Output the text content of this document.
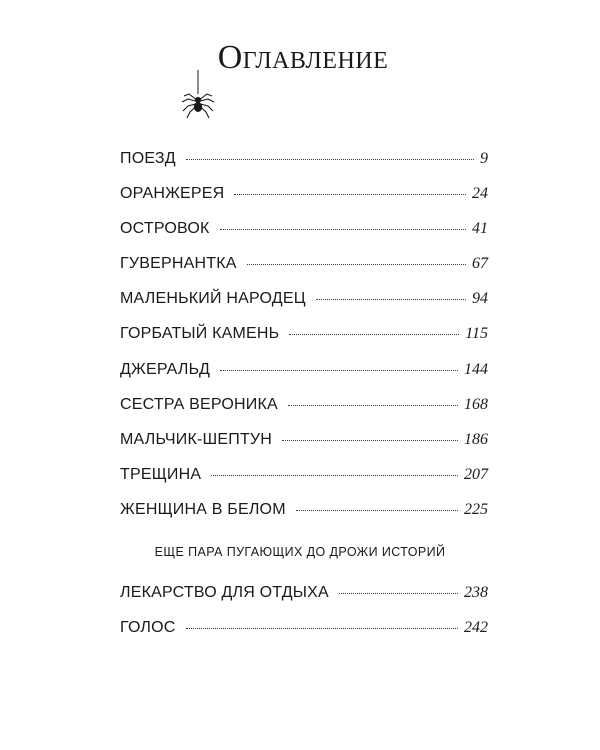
Оглавление
ПОЕЗД	9
ОРАНЖЕРЕЯ	24
ОСТРОВОК	41
ГУВЕРНАНТКА	67
МАЛЕНЬКИЙ НАРОДЕЦ	94
ГОРБАТЫЙ КАМЕНЬ	115
ДЖЕРАЛЬД	144
СЕСТРА ВЕРОНИКА	168
МАЛЬЧИК-ШЕПТУН	186
ТРЕЩИНА	207
ЖЕНЩИНА В БЕЛОМ	225
ЕЩЕ ПАРА ПУГАЮЩИХ ДО ДРОЖИ ИСТОРИЙ
ЛЕКАРСТВО ДЛЯ ОТДЫХА	238
ГОЛОС	242
